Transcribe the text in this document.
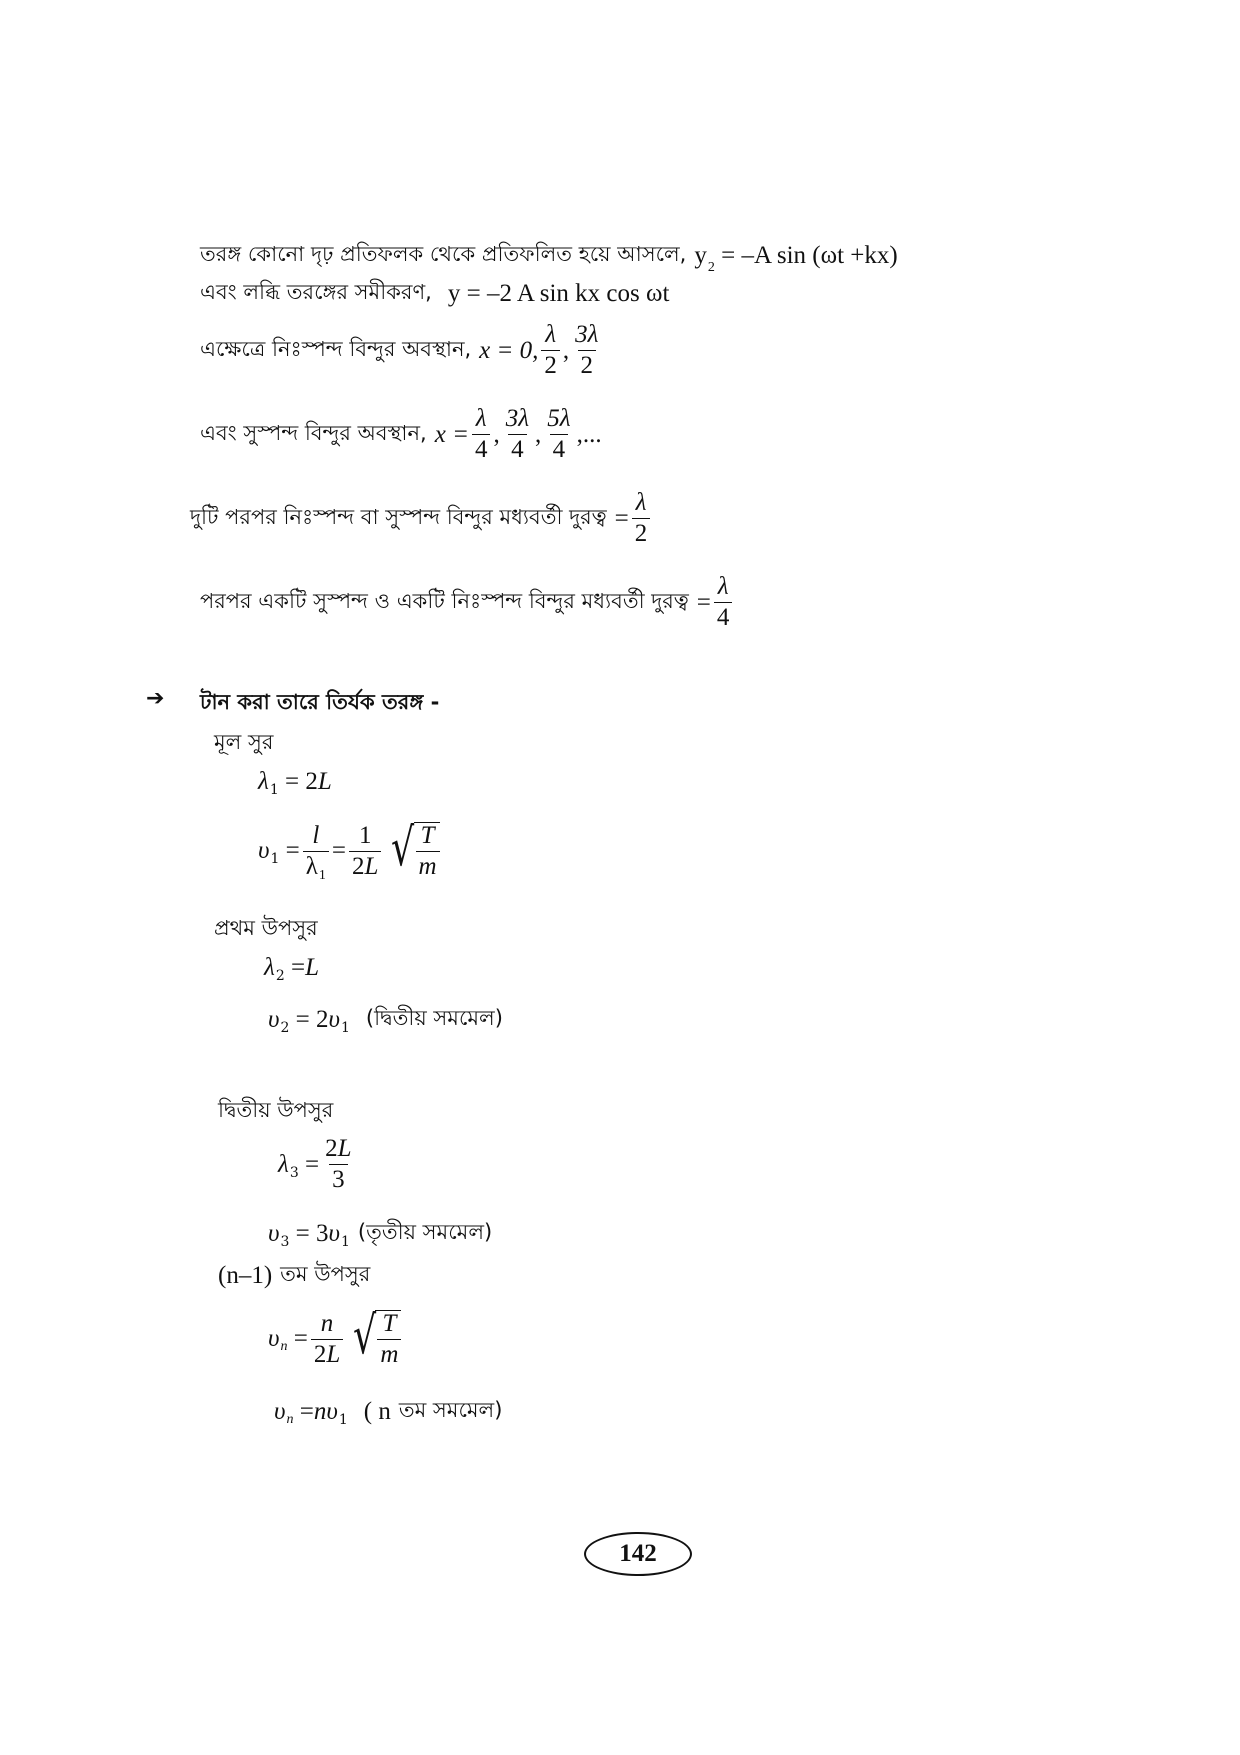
তরঙ্গ কোনো দৃঢ় প্রতিফলক থেকে প্রতিফলিত হয়ে আসলে, $y_2 = -A$ sin (ωt +kx)
এবং লব্ধি তরঙ্গের সমীকরণ, y = –2 A sin kx cos ωt
এক্ষেত্রে নিঃস্পন্দ বিন্দুর অবস্থান, x = 0, $\frac{\lambda}{2}$ , $\frac{3\lambda}{2}$
এবং সুস্পন্দ বিন্দুর অবস্থান, $x = \frac{\lambda}{4}$ , $\frac{3\lambda}{4}$ , $\frac{5\lambda}{4}$ ,...
দুটি পরপর নিঃস্পন্দ বা সুস্পন্দ বিন্দুর মধ্যবর্তী দুরত্ব = $\frac{\lambda}{2}$
পরপর একটি সুস্পন্দ ও একটি নিঃস্পন্দ বিন্দুর মধ্যবর্তী দুরত্ব = $\frac{\lambda}{4}$
➔ টান করা তারে তির্যক তরঙ্গ -
মূল সুর
λ 1 = 2 L
υ $1 = \frac{l}{\lambda_1} = \frac{1}{2L}$ √ $\frac{T}{m}$
প্রথম উপসুর
λ 2 = L
υ 2 = 2 υ 1 (দ্বিতীয় সমমেল)
দ্বিতীয় উপসুর
λ $3 = \frac{2L}{3}$
υ 3 = 3 υ 1 (তৃতীয় সমমেল)
(n–1) তম উপসুর
υ $n = \frac{n}{2L}$ √ $\frac{T}{m}$
υ n = n υ 1 ( n তম সমমেল)
142
